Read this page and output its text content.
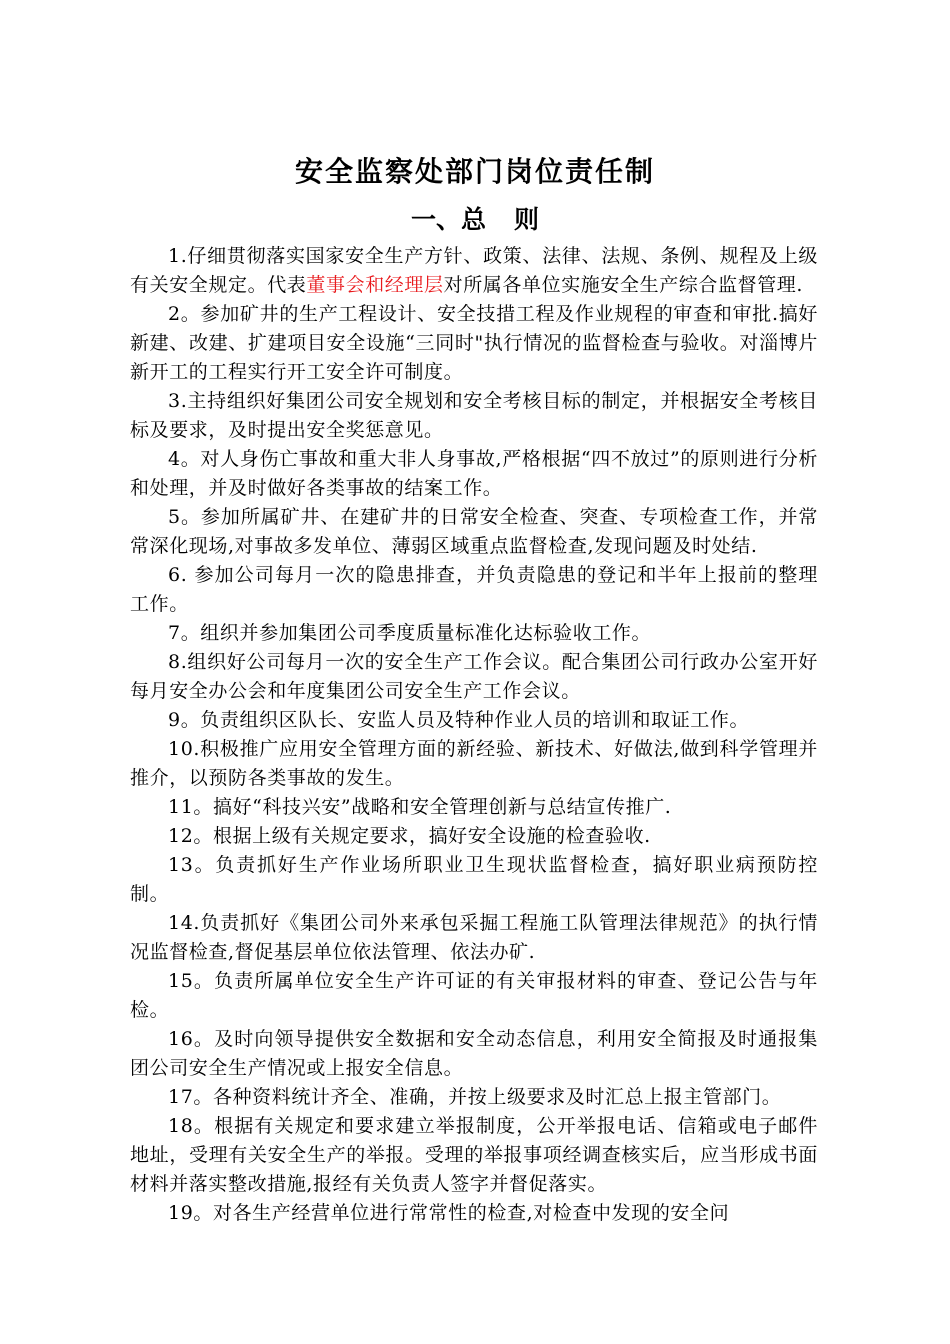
安全监察处部门岗位责任制
一、总 则

1.仔细贯彻落实国家安全生产方针、政策、法律、法规、条例、规程及上级有关安全规定。代表董事会和经理层对所属各单位实施安全生产综合监督管理.

2。参加矿井的生产工程设计、安全技措工程及作业规程的审查和审批.搞好新建、改建、扩建项目安全设施“三同时"执行情况的监督检查与验收。对淄博片新开工的工程实行开工安全许可制度。

3.主持组织好集团公司安全规划和安全考核目标的制定，并根据安全考核目标及要求，及时提出安全奖惩意见。

4。对人身伤亡事故和重大非人身事故,严格根据“四不放过”的原则进行分析和处理，并及时做好各类事故的结案工作。

5。参加所属矿井、在建矿井的日常安全检查、突查、专项检查工作，并常常深化现场,对事故多发单位、薄弱区域重点监督检查,发现问题及时处结.

6. 参加公司每月一次的隐患排查，并负责隐患的登记和半年上报前的整理工作。

7。组织并参加集团公司季度质量标准化达标验收工作。

8.组织好公司每月一次的安全生产工作会议。配合集团公司行政办公室开好每月安全办公会和年度集团公司安全生产工作会议。

9。负责组织区队长、安监人员及特种作业人员的培训和取证工作。

10.积极推广应用安全管理方面的新经验、新技术、好做法,做到科学管理并推介，以预防各类事故的发生。

11。搞好“科技兴安”战略和安全管理创新与总结宣传推广.

12。根据上级有关规定要求，搞好安全设施的检查验收.

13。负责抓好生产作业场所职业卫生现状监督检查，搞好职业病预防控制。

14.负责抓好《集团公司外来承包采掘工程施工队管理法律规范》的执行情况监督检查,督促基层单位依法管理、依法办矿.

15。负责所属单位安全生产许可证的有关审报材料的审查、登记公告与年检。

16。及时向领导提供安全数据和安全动态信息，利用安全简报及时通报集团公司安全生产情况或上报安全信息。

17。各种资料统计齐全、准确，并按上级要求及时汇总上报主管部门。

18。根据有关规定和要求建立举报制度，公开举报电话、信箱或电子邮件地址，受理有关安全生产的举报。受理的举报事项经调查核实后，应当形成书面材料并落实整改措施,报经有关负责人签字并督促落实。

19。对各生产经营单位进行常常性的检查,对检查中发现的安全问
